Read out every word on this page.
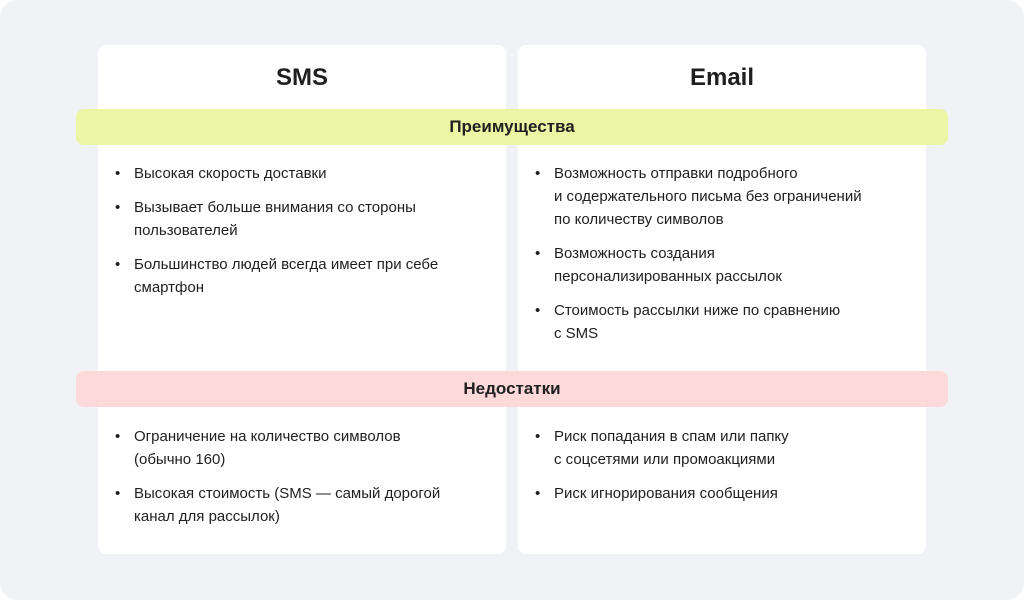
SMS	Email
Преимущества
Недостатки
• Высокая скорость доставки
• Вызывает больше внимания со стороны
пользователей
• Большинство людей всегда имеет при себе
смартфон
• Возможность отправки подробного
и содержательного письма без ограничений
по количеству символов
• Возможность создания
персонализированных рассылок
• Стоимость рассылки ниже по сравнению
с SMS
• Ограничение на количество символов
(обычно 160)
• Высокая стоимость (SMS — самый дорогой
канал для рассылок)
• Риск попадания в спам или папку
с соцсетями или промоакциями
• Риск игнорирования сообщения
